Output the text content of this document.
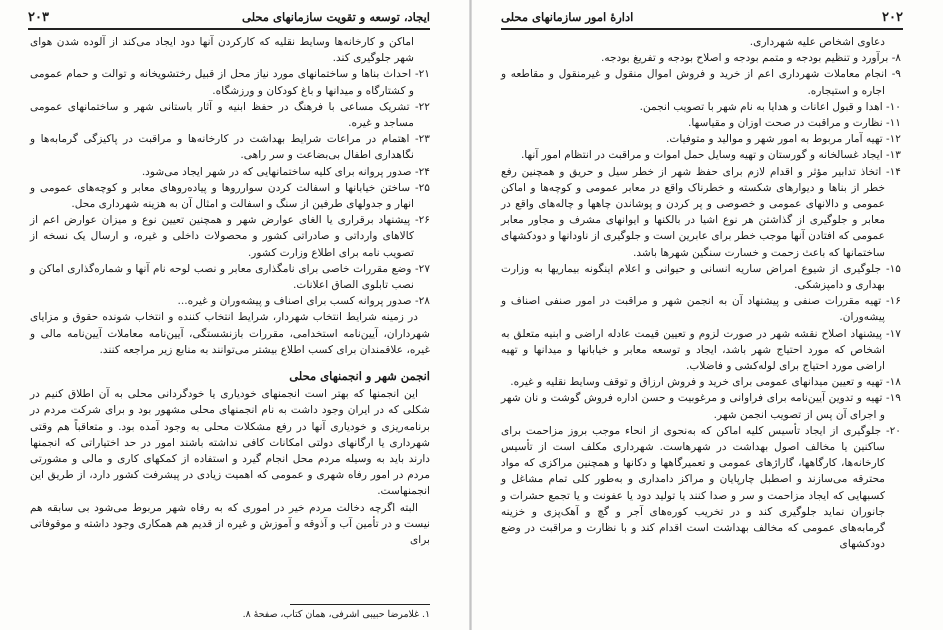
ایجاد، توسعه و تقویت سازمانهای محلی
۲۰۳

اماکن و کارخانه‌ها وسایط نقلیه که کارکردن آنها دود ایجاد می‌کند از آلوده شدن هوای شهر جلوگیری کند.

۲۱- احداث بناها و ساختمانهای مورد نیاز محل از قبیل رختشویخانه و توالت و حمام عمومی و کشتارگاه و میدانها و باغ کودکان و ورزشگاه.

۲۲- تشریک مساعی با فرهنگ در حفظ ابنیه و آثار باستانی شهر و ساختمانهای عمومی مساجد و غیره.

۲۳- اهتمام در مراعات شرایط بهداشت در کارخانه‌ها و مراقبت در پاکیزگی گرمابه‌ها و نگاهداری اطفال بی‌بضاعت و سر راهی.

۲۴- صدور پروانه برای کلیه ساختمانهایی که در شهر ایجاد می‌شود.

۲۵- ساختن خیابانها و اسفالت کردن سوارروها و پیاده‌روهای معابر و کوچه‌های عمومی و انهار و جدولهای طرفین از سنگ و اسفالت و امثال آن به هزینه شهرداری محل.

۲۶- پیشنهاد برقراری یا الغای عوارض شهر و همچنین تعیین نوع و میزان عوارض اعم از کالاهای وارداتی و صادراتی کشور و محصولات داخلی و غیره، و ارسال یک نسخه از تصویب نامه برای اطلاع وزارت کشور.

۲۷- وضع مقررات خاصی برای نامگذاری معابر و نصب لوحه نام آنها و شماره‌گذاری اماکن و نصب تابلوی الصاق اعلانات.

۲۸- صدور پروانه کسب برای اصناف و پیشه‌وران و غیره...

در زمینه شرایط انتخاب شهردار، شرایط انتخاب کننده و انتخاب شونده حقوق و مزایای شهرداران، آیین‌نامه استخدامی، مقررات بازنشستگی، آیین‌نامه معاملات آیین‌نامه مالی و غیره، علاقمندان برای کسب اطلاع بیشتر می‌توانند به منابع زیر مراجعه کنند.

انجمن شهر و انجمنهای محلی

این انجمنها که بهتر است انجمنهای خودیاری یا خودگردانی محلی به آن اطلاق کنیم در شکلی که در ایران وجود داشت به نام انجمنهای محلی مشهور بود و برای شرکت مردم در برنامه‌ریزی و خودیاری آنها در رفع مشکلات محلی به وجود آمده بود. و متعاقباً هم وقتی شهرداری یا ارگانهای دولتی امکانات کافی نداشته باشند امور در حد اختیاراتی که انجمنها دارند باید به وسیله مردم محل انجام گیرد و استفاده از کمکهای کاری و مالی و مشورتی مردم در امور رفاه شهری و عمومی که اهمیت زیادی در پیشرفت کشور دارد، از طریق این انجمنهاست.

البته اگرچه دخالت مردم خیر در اموری که به رفاه شهر مربوط می‌شود بی سابقه هم نیست و در تأمین آب و آذوقه و آموزش و غیره از قدیم هم همکاری وجود داشته و موقوفاتی برای

۱. غلامرضا حبیبی اشرفی، همان کتاب، صفحهٔ ۸.
۲۰۲
ادارهٔ امور سازمانهای محلی

دعاوی اشخاص علیه شهرداری.

۸- برآورد و تنظیم بودجه و متمم بودجه و اصلاح بودجه و تفریغ بودجه.

۹- انجام معاملات شهرداری اعم از خرید و فروش اموال منقول و غیرمنقول و مقاطعه و اجاره و استیجاره.

۱۰- اهدا و قبول اعانات و هدایا به نام شهر با تصویب انجمن.

۱۱- نظارت و مراقبت در صحت اوزان و مقیاسها.

۱۲- تهیه آمار مربوط به امور شهر و موالید و متوفیات.

۱۳- ایجاد غسالخانه و گورستان و تهیه وسایل حمل اموات و مراقبت در انتظام امور آنها.

۱۴- اتخاذ تدابیر مؤثر و اقدام لازم برای حفظ شهر از خطر سیل و حریق و همچنین رفع خطر از بناها و دیوارهای شکسته و خطرناک واقع در معابر عمومی و کوچه‌ها و اماکن عمومی و دالانهای عمومی و خصوصی و پر کردن و پوشاندن چاهها و چاله‌های واقع در معابر و جلوگیری از گذاشتن هر نوع اشیا در بالکنها و ایوانهای مشرف و مجاور معابر عمومی که افتادن آنها موجب خطر برای عابرین است و جلوگیری از ناودانها و دودکشهای ساختمانها که باعث زحمت و خسارت سنگین شهرها باشد.

۱۵- جلوگیری از شیوع امراض ساریه انسانی و حیوانی و اعلام اینگونه بیماریها به وزارت بهداری و دامپزشکی.

۱۶- تهیه مقررات صنفی و پیشنهاد آن به انجمن شهر و مراقبت در امور صنفی اصناف و پیشه‌وران.

۱۷- پیشنهاد اصلاح نقشه شهر در صورت لزوم و تعیین قیمت عادله اراضی و ابنیه متعلق به اشخاص که مورد احتیاج شهر باشد، ایجاد و توسعه معابر و خیابانها و میدانها و تهیه اراضی مورد احتیاج برای لوله‌کشی و فاضلاب.

۱۸- تهیه و تعیین میدانهای عمومی برای خرید و فروش ارزاق و توقف وسایط نقلیه و غیره.

۱۹- تهیه و تدوین آیین‌نامه برای فراوانی و مرغوبیت و حسن اداره فروش گوشت و نان شهر و اجرای آن پس از تصویب انجمن شهر.

۲۰- جلوگیری از ایجاد تأسیس کلیه اماکن که به‌نحوی از انحاء موجب بروز مزاحمت برای ساکنین یا مخالف اصول بهداشت در شهرهاست. شهرداری مکلف است از تأسیس کارخانه‌ها، کارگاهها، گاراژهای عمومی و تعمیرگاهها و دکانها و همچنین مراکزی که مواد محترقه می‌سازند و اصطبل چارپایان و مراکز دامداری و به‌طور کلی تمام مشاغل و کسبهایی که ایجاد مزاحمت و سر و صدا کنند یا تولید دود یا عفونت و یا تجمع حشرات و جانوران نماید جلوگیری کند و در تخریب کوره‌های آجر و گچ و آهک‌پزی و خزینه گرمابه‌های عمومی که مخالف بهداشت است اقدام کند و با نظارت و مراقبت در وضع دودکشهای
